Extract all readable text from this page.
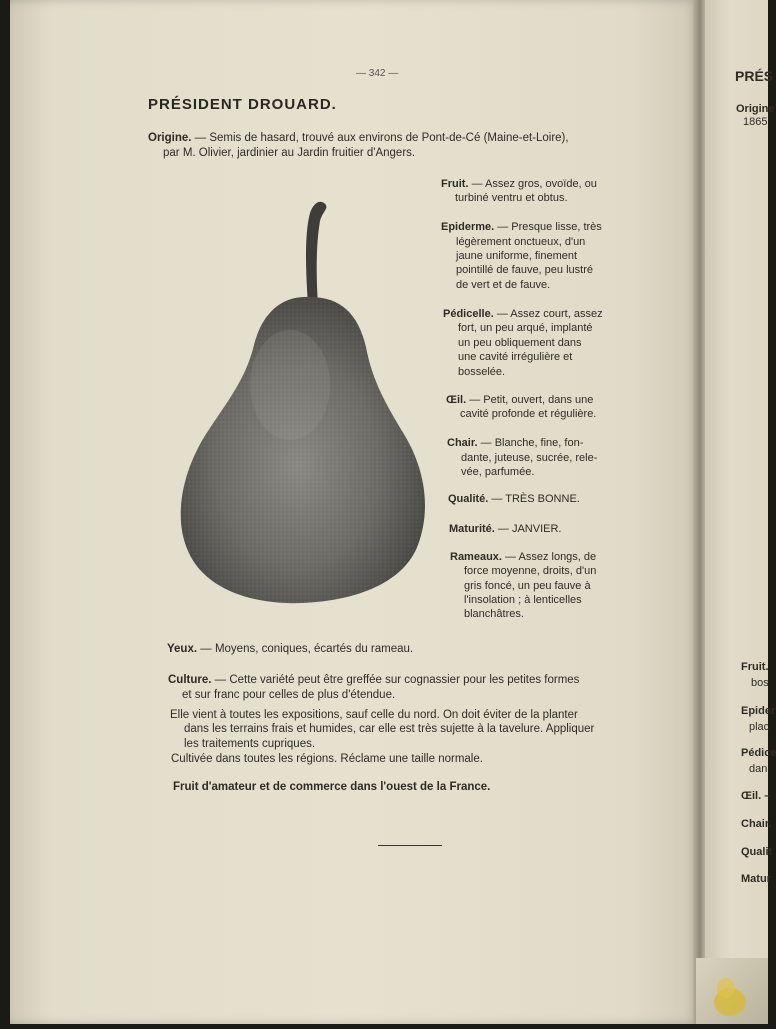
— 342 —
PRÉSIDENT DROUARD.
Origine. — Semis de hasard, trouvé aux environs de Pont-de-Cé (Maine-et-Loire),
par M. Olivier, jardinier au Jardin fruitier d'Angers.
Fruit. — Assez gros, ovoïde, ou
turbiné ventru et obtus.
Epiderme. — Presque lisse, très
légèrement onctueux, d'un
jaune uniforme, finement
pointillé de fauve, peu lustré
de vert et de fauve.
Pédicelle. — Assez court, assez
fort, un peu arqué, implanté
un peu obliquement dans
une cavité irrégulière et
bosselée.
Œil. — Petit, ouvert, dans une
cavité profonde et régulière.
Chair. — Blanche, fine, fon-
dante, juteuse, sucrée, rele-
vée, parfumée.
Qualité. — TRÈS BONNE.
Maturité. — JANVIER.
Rameaux. — Assez longs, de
force moyenne, droits, d'un
gris foncé, un peu fauve à
l'insolation ; à lenticelles
blanchâtres.
Yeux. — Moyens, coniques, écartés du rameau.
Culture. — Cette variété peut être greffée sur cognassier pour les petites formes
et sur franc pour celles de plus d'étendue.
Elle vient à toutes les expositions, sauf celle du nord. On doit éviter de la planter
dans les terrains frais et humides, car elle est très sujette à la tavelure. Appliquer
les traitements cupriques.
Cultivée dans toutes les régions. Réclame une taille normale.
Fruit d'amateur et de commerce dans l'ouest de la France.
PRÉS
Origine
1865
Fruit.
bos
Epider
plac
Pédice
dan
Œil. –
Chair.
Qualit
Matur
